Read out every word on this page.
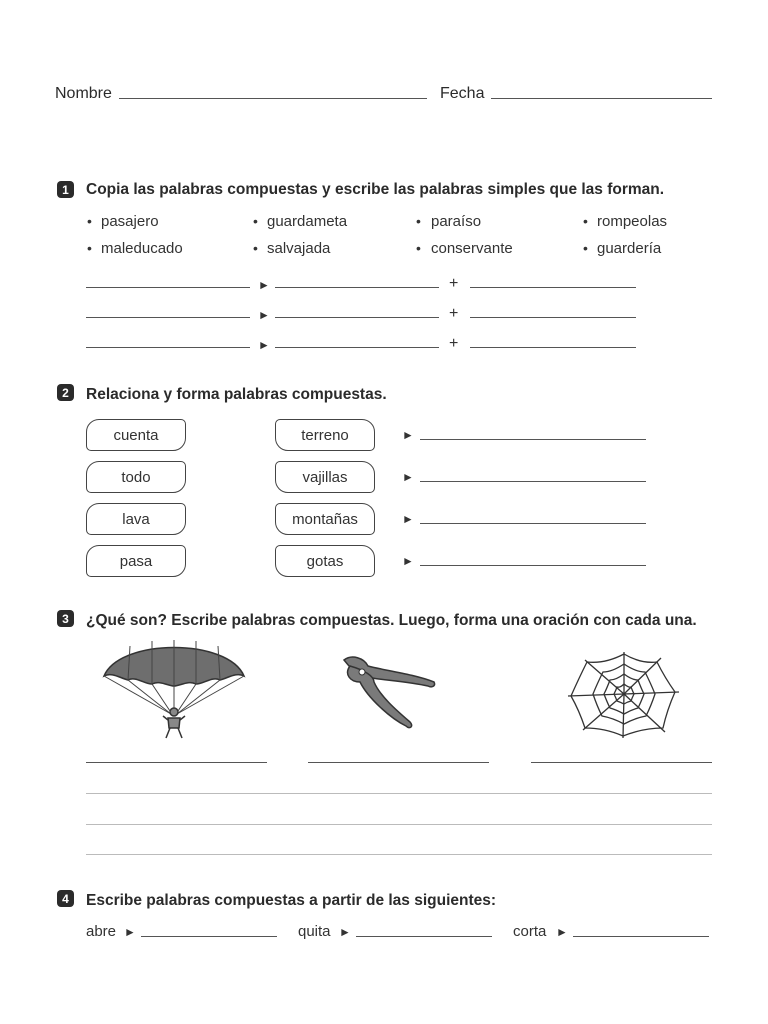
Nombre	Fecha
1	Copia las palabras compuestas y escribe las palabras simples que las forman.
• pasajero	• guardameta	• paraíso	• rompeolas
• maleducado	• salvajada	• conservante	• guardería
►	+
►	+
►	+
2	Relaciona y forma palabras compuestas.
cuenta	terreno	►
todo	vajillas	►
lava	montañas	►
pasa	gotas	►
3	¿Qué son? Escribe palabras compuestas. Luego, forma una oración con cada una.
4	Escribe palabras compuestas a partir de las siguientes:
abre ►	quita ►	corta ►
